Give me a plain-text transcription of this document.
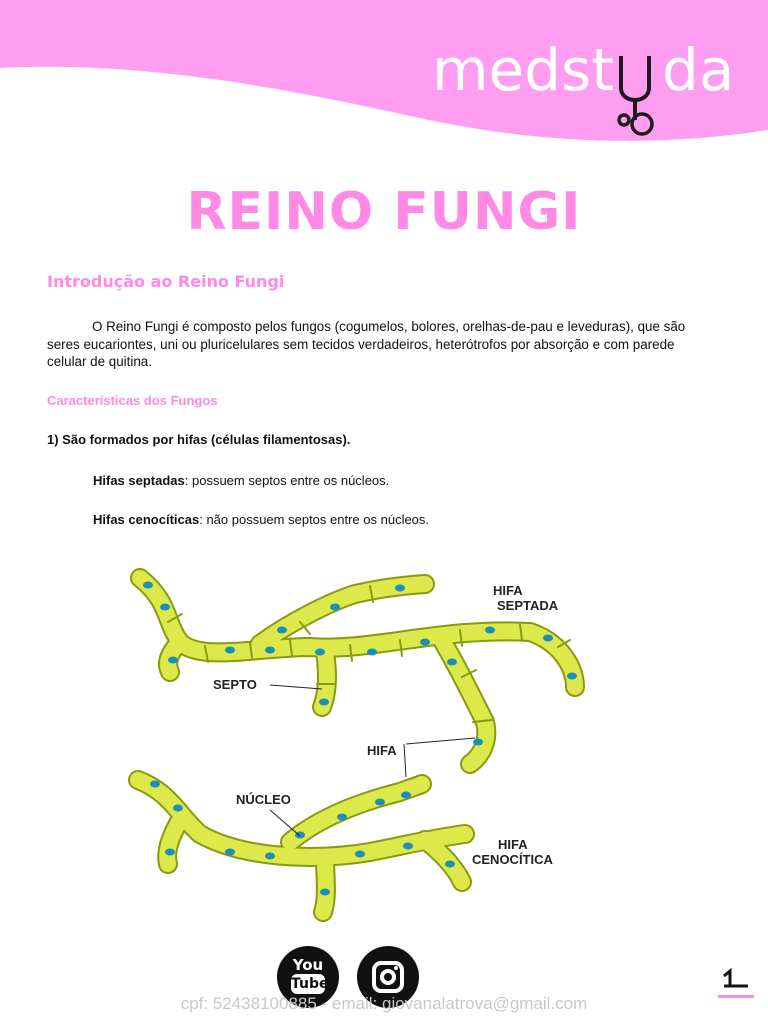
medst da
REINO FUNGI
Introdução ao Reino Fungi

O Reino Fungi é composto pelos fungos (cogumelos, bolores, orelhas-de-pau e leveduras), que são seres eucariontes, uni ou pluricelulares sem tecidos verdadeiros, heterótrofos por absorção e com parede celular de quitina.

Características dos Fungos
1) São formados por hifas (células filamentosas).
Hifas septadas: possuem septos entre os núcleos.
Hifas cenocíticas: não possuem septos entre os núcleos.
HIFA
SEPTADA
SEPTO
HIFA
NÚCLEO
HIFA
CENOCÍTICA
You
Tube
cpf: 52438100885 - email: giovanalatrova@gmail.com
